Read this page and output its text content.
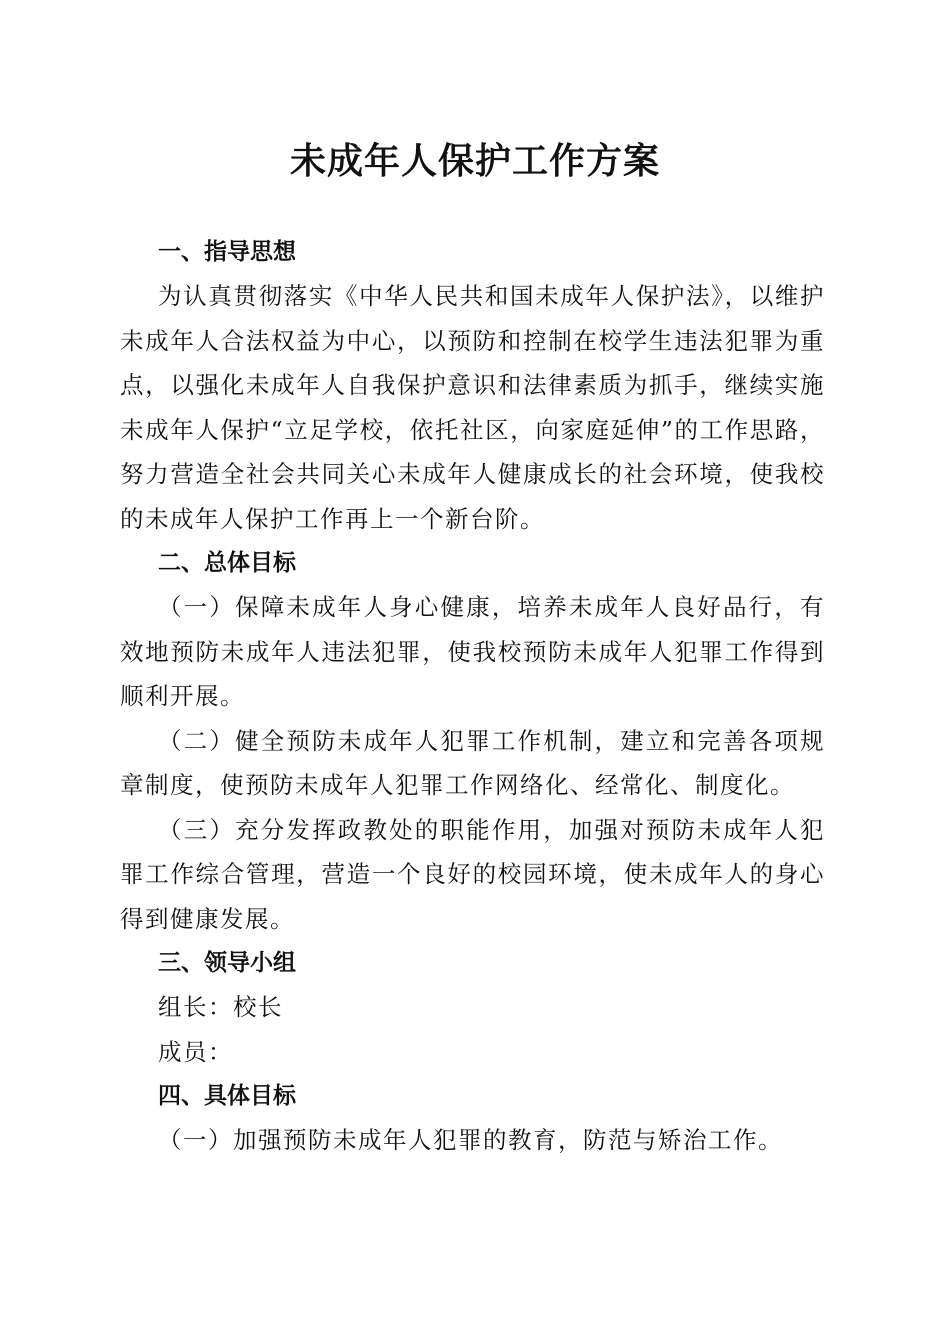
未成年人保护工作方案
一、指导思想

为认真贯彻落实《中华人民共和国未成年人保护法》，以维护未成年人合法权益为中心，以预防和控制在校学生违法犯罪为重点，以强化未成年人自我保护意识和法律素质为抓手，继续实施未成年人保护“立足学校，依托社区，向家庭延伸”的工作思路，努力营造全社会共同关心未成年人健康成长的社会环境，使我校的未成年人保护工作再上一个新台阶。

二、总体目标

（一）保障未成年人身心健康，培养未成年人良好品行，有效地预防未成年人违法犯罪，使我校预防未成年人犯罪工作得到顺利开展。

（二）健全预防未成年人犯罪工作机制，建立和完善各项规章制度，使预防未成年人犯罪工作网络化、经常化、制度化。

（三）充分发挥政教处的职能作用，加强对预防未成年人犯罪工作综合管理，营造一个良好的校园环境，使未成年人的身心得到健康发展。

三、领导小组

组长：校长

成员：

四、具体目标

（一）加强预防未成年人犯罪的教育，防范与矫治工作。
